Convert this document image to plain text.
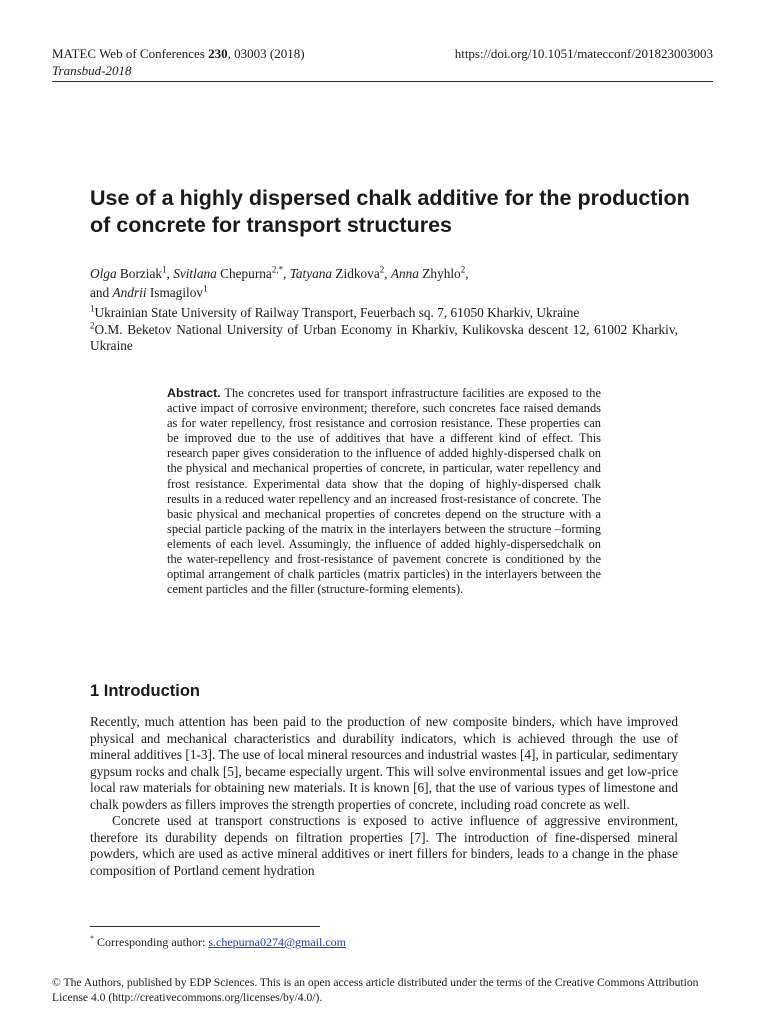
MATEC Web of Conferences 230, 03003 (2018)
Transbud-2018
https://doi.org/10.1051/matecconf/201823003003
Use of a highly dispersed chalk additive for the production of concrete for transport structures
Olga Borziak$^1$, Svitlana Chepurna$^{2,*}$, Tatyana Zidkova$^2$, Anna Zhyhlo$^2$,
and Andrii Ismagilov$^1$

$^1$Ukrainian State University of Railway Transport, Feuerbach sq. 7, 61050 Kharkiv, Ukraine

$^2$O.M. Beketov National University of Urban Economy in Kharkiv, Kulikovska descent 12, 61002 Kharkiv, Ukraine

Abstract. The concretes used for transport infrastructure facilities are exposed to the active impact of corrosive environment; therefore, such concretes face raised demands as for water repellency, frost resistance and corrosion resistance. These properties can be improved due to the use of additives that have a different kind of effect. This research paper gives consideration to the influence of added highly-dispersed chalk on the physical and mechanical properties of concrete, in particular, water repellency and frost resistance. Experimental data show that the doping of highly-dispersed chalk results in a reduced water repellency and an increased frost-resistance of concrete. The basic physical and mechanical properties of concretes depend on the structure with a special particle packing of the matrix in the interlayers between the structure –forming elements of each level. Assumingly, the influence of added highly-dispersedchalk on the water-repellency and frost-resistance of pavement concrete is conditioned by the optimal arrangement of chalk particles (matrix particles) in the interlayers between the cement particles and the filler (structure-forming elements).

1 Introduction

Recently, much attention has been paid to the production of new composite binders, which have improved physical and mechanical characteristics and durability indicators, which is achieved through the use of mineral additives [1-3]. The use of local mineral resources and industrial wastes [4], in particular, sedimentary gypsum rocks and chalk [5], became especially urgent. This will solve environmental issues and get low-price local raw materials for obtaining new materials. It is known [6], that the use of various types of limestone and chalk powders as fillers improves the strength properties of concrete, including road concrete as well.

Concrete used at transport constructions is exposed to active influence of aggressive environment, therefore its durability depends on filtration properties [7]. The introduction of fine-dispersed mineral powders, which are used as active mineral additives or inert fillers for binders, leads to a change in the phase composition of Portland cement hydration

* Corresponding author: s.chepurna0274@gmail.com
© The Authors, published by EDP Sciences. This is an open access article distributed under the terms of the Creative Commons Attribution License 4.0 (http://creativecommons.org/licenses/by/4.0/).
